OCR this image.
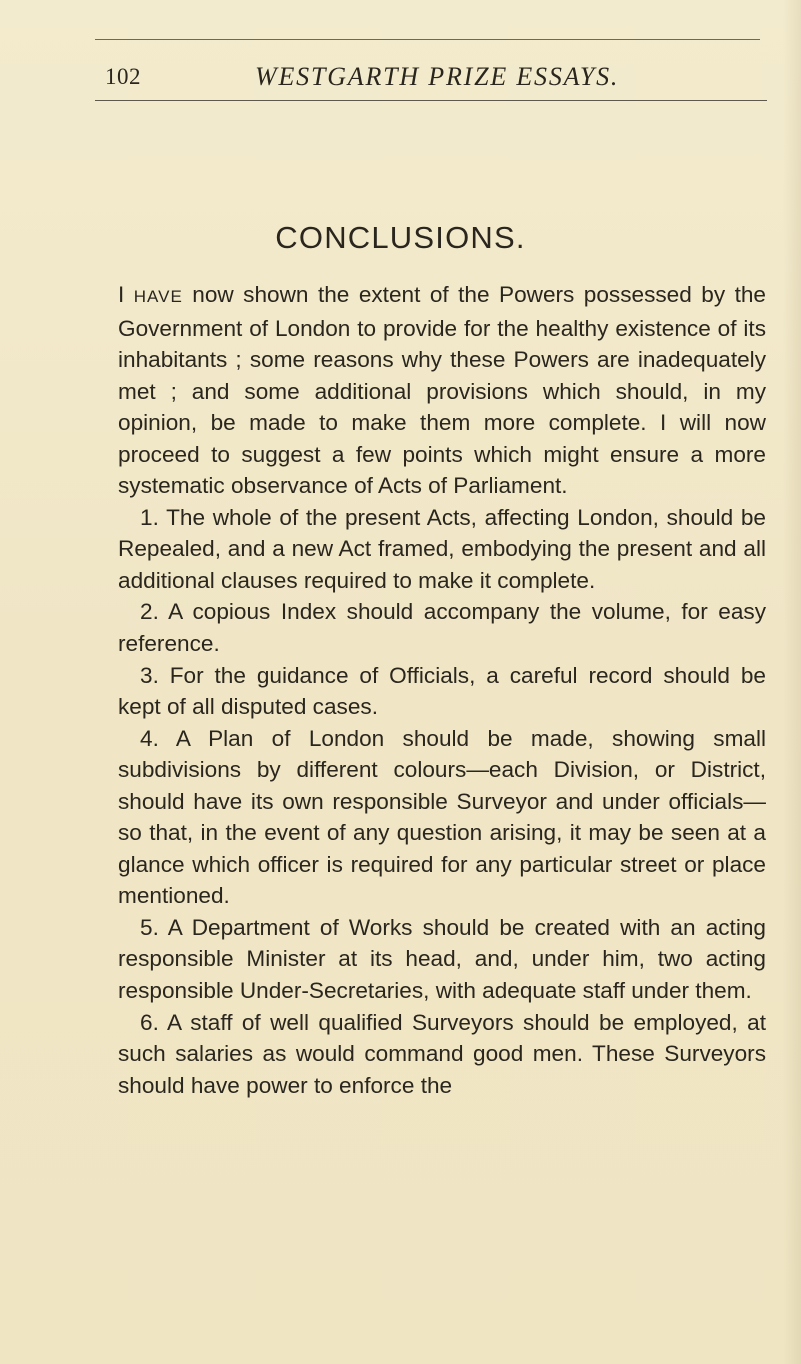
102	WESTGARTH PRIZE ESSAYS.
CONCLUSIONS.

I HAVE now shown the extent of the Powers possessed by the Government of London to provide for the healthy existence of its inhabitants ; some reasons why these Powers are inadequately met ; and some additional provisions which should, in my opinion, be made to make them more complete. I will now proceed to suggest a few points which might ensure a more systematic observance of Acts of Parliament.

1. The whole of the present Acts, affecting London, should be Repealed, and a new Act framed, embodying the present and all additional clauses required to make it complete.

2. A copious Index should accompany the volume, for easy reference.

3. For the guidance of Officials, a careful record should be kept of all disputed cases.

4. A Plan of London should be made, showing small subdivisions by different colours—each Division, or District, should have its own responsible Surveyor and under officials—so that, in the event of any question arising, it may be seen at a glance which officer is required for any particular street or place mentioned.

5. A Department of Works should be created with an acting responsible Minister at its head, and, under him, two acting responsible Under-Secretaries, with adequate staff under them.

6. A staff of well qualified Surveyors should be employed, at such salaries as would command good men. These Surveyors should have power to enforce the
